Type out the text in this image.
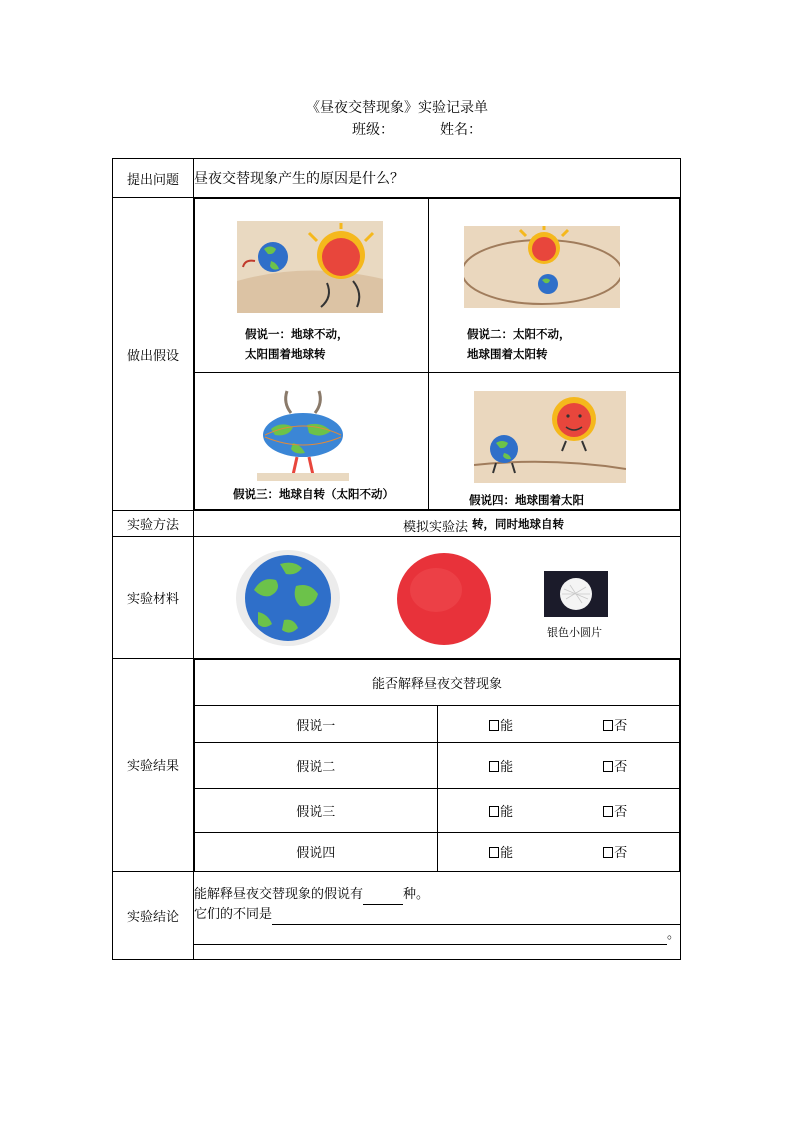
《昼夜交替现象》实验记录单
班级：	姓名：
提出问题	昼夜交替现象产生的原因是什么？
做出假设	
假说一：地球不动，
太阳围着地球转

假说二：太阳不动，
地球围着太阳转

假说三：地球自转（太阳不动）	假说四：地球围着太阳

实验方法	模拟实验法 转，同时地球自转

实验材料	
银色小圆片

实验结果	
能否解释昼夜交替现象
假说一	能	否
假说二	能	否
假说三	能	否
假说四	能	否

实验结论	
能解释昼夜交替现象的假说有	种。
它们的不同是
。
